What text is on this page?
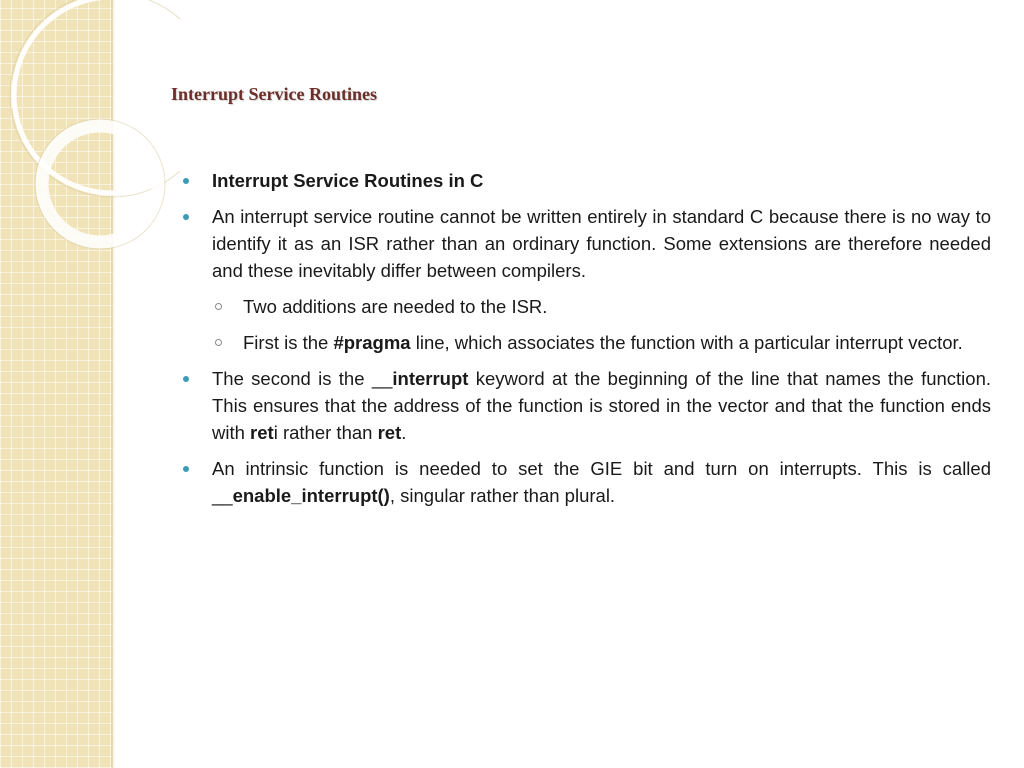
Interrupt Service Routines
Interrupt Service Routines in C
An interrupt service routine cannot be written entirely in standard C because there is no way to identify it as an ISR rather than an ordinary function. Some extensions are therefore needed and these inevitably differ between compilers.
Two additions are needed to the ISR.
First is the #pragma line, which associates the function with a particular interrupt vector.
The second is the __interrupt keyword at the beginning of the line that names the function. This ensures that the address of the function is stored in the vector and that the function ends with reti rather than ret.
An intrinsic function is needed to set the GIE bit and turn on interrupts. This is called __enable_interrupt(), singular rather than plural.
